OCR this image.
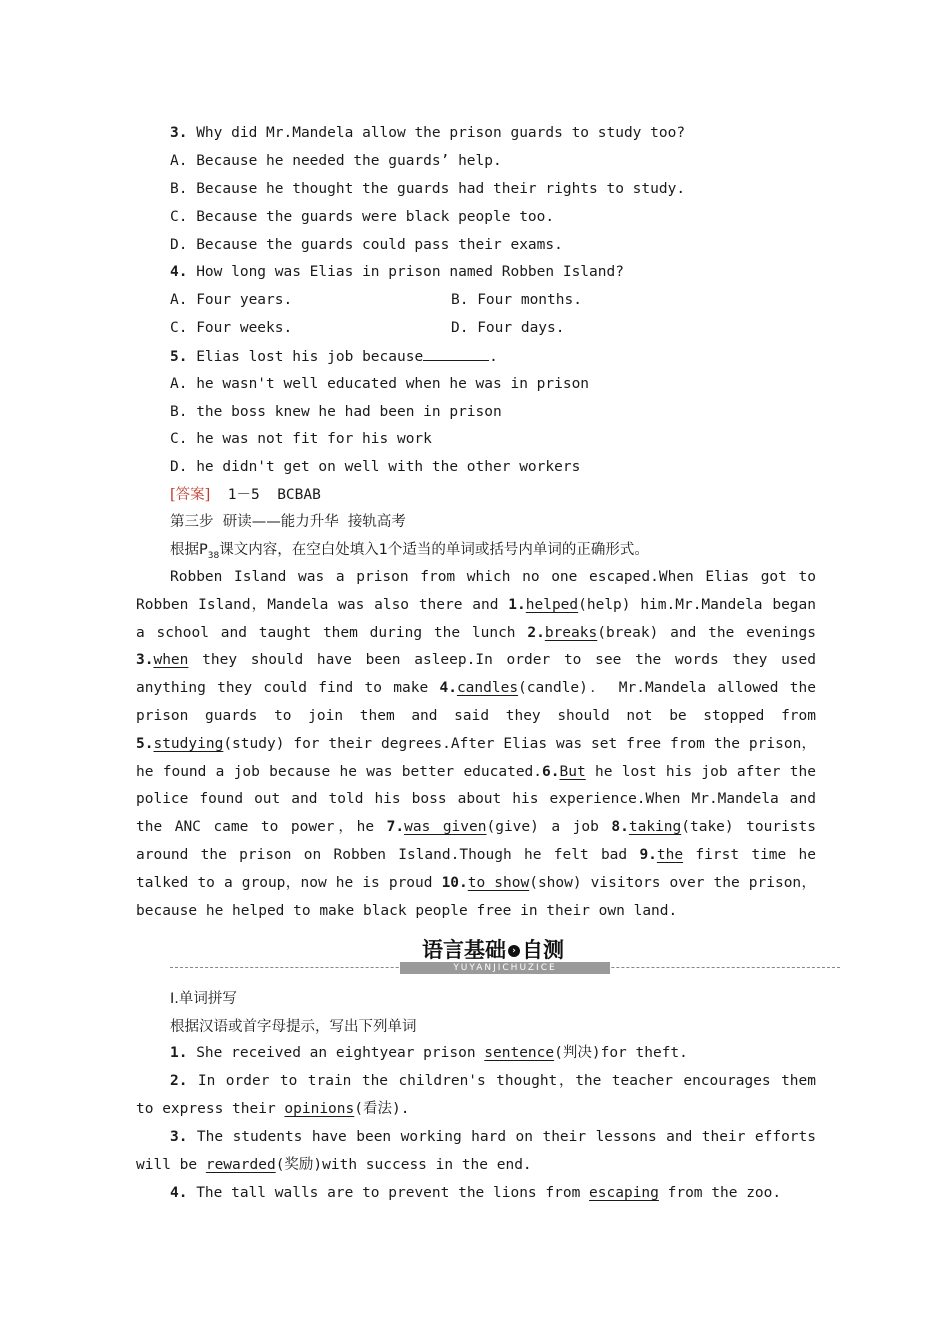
3. Why did Mr.Mandela allow the prison guards to study too?
A. Because he needed the guards’ help.
B. Because he thought the guards had their rights to study.
C. Because the guards were black people too.
D. Because the guards could pass their exams.
4. How long was Elias in prison named Robben Island?
A. Four years.	B. Four months.
C. Four weeks.	D. Four days.
5. Elias lost his job because	.
A. he wasn't well educated when he was in prison
B. the boss knew he had been in prison
C. he was not fit for his work
D. he didn't get on well with the other workers
[答案]  1－5  BCBAB
第三步  研读——能力升华  接轨高考
根据$P_{38}$课文内容，在空白处填入1个适当的单词或括号内单词的正确形式。
Robben Island was a prison from which no one escaped.When Elias got to Robben Island，Mandela was also there and 1.helped(help) him.Mr.Mandela began a school and taught them during the lunch 2.breaks(break) and the evenings 3.when they should have been asleep.In order to see the words they used anything they could find to make 4.candles(candle)． Mr.Mandela allowed the prison guards to join them and said they should not be stopped from 5.studying(study) for their degrees.After Elias was set free from the prison，he found a job because he was better educated.6.But he lost his job after the police found out and told his boss about his experience.When Mr.Mandela and the ANC came to power，he 7.was given(give) a job 8.taking(take) tourists around the prison on Robben Island.Though he felt bad 9.the first time he talked to a group，now he is proud 10.to show(show) visitors over the prison， because he helped to make black people free in their own land.
语言基础 › 自测
YUYANJICHUZICE
Ⅰ.单词拼写
根据汉语或首字母提示，写出下列单词
1. She received an eightyear prison sentence(判决)for theft.
2. In order to train the children's thought，the teacher encourages them to express their opinions(看法).
3. The students have been working hard on their lessons and their efforts will be rewarded(奖励)with success in the end.
4. The tall walls are to prevent the lions from escaping from the zoo.
